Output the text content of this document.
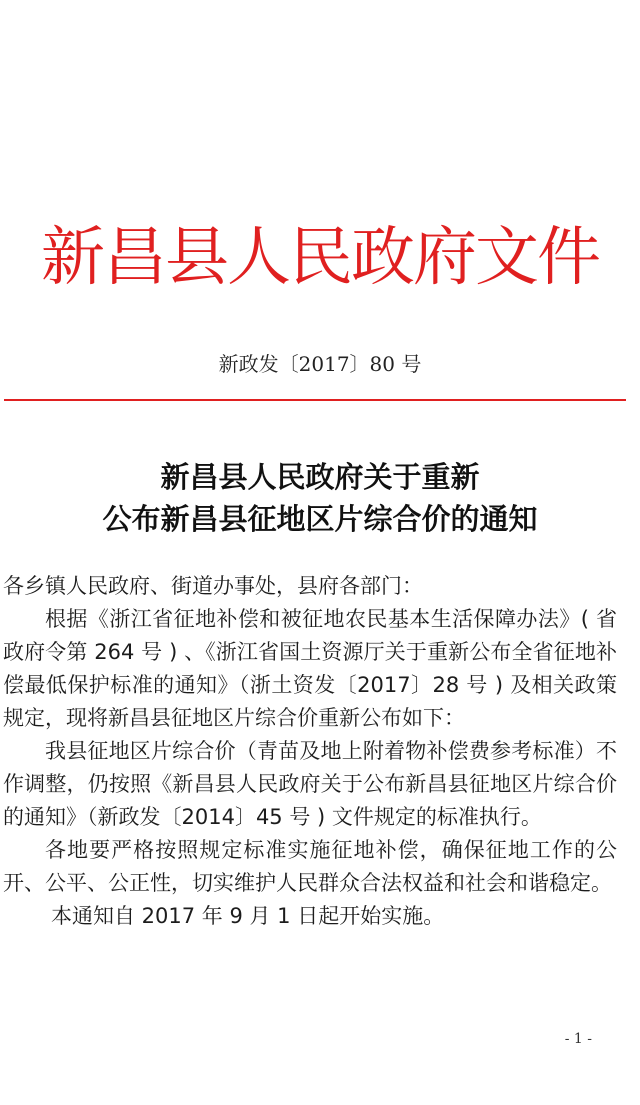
新昌县人民政府文件
新政发〔2017〕80 号
新昌县人民政府关于重新
公布新昌县征地区片综合价的通知

各乡镇人民政府、街道办事处，县府各部门：

根据《浙江省征地补偿和被征地农民基本生活保障办法》( 省政府令第 264 号 ) 、《浙江省国土资源厅关于重新公布全省征地补偿最低保护标准的通知》（浙土资发〔2017〕28 号 ) 及相关政策规定，现将新昌县征地区片综合价重新公布如下：

我县征地区片综合价（青苗及地上附着物补偿费参考标准）不作调整，仍按照《新昌县人民政府关于公布新昌县征地区片综合价的通知》（新政发〔2014〕45 号 ) 文件规定的标准执行。

各地要严格按照规定标准实施征地补偿，确保征地工作的公开、公平、公正性，切实维护人民群众合法权益和社会和谐稳定。

本通知自 2017 年 9 月 1 日起开始实施。

- 1 -
